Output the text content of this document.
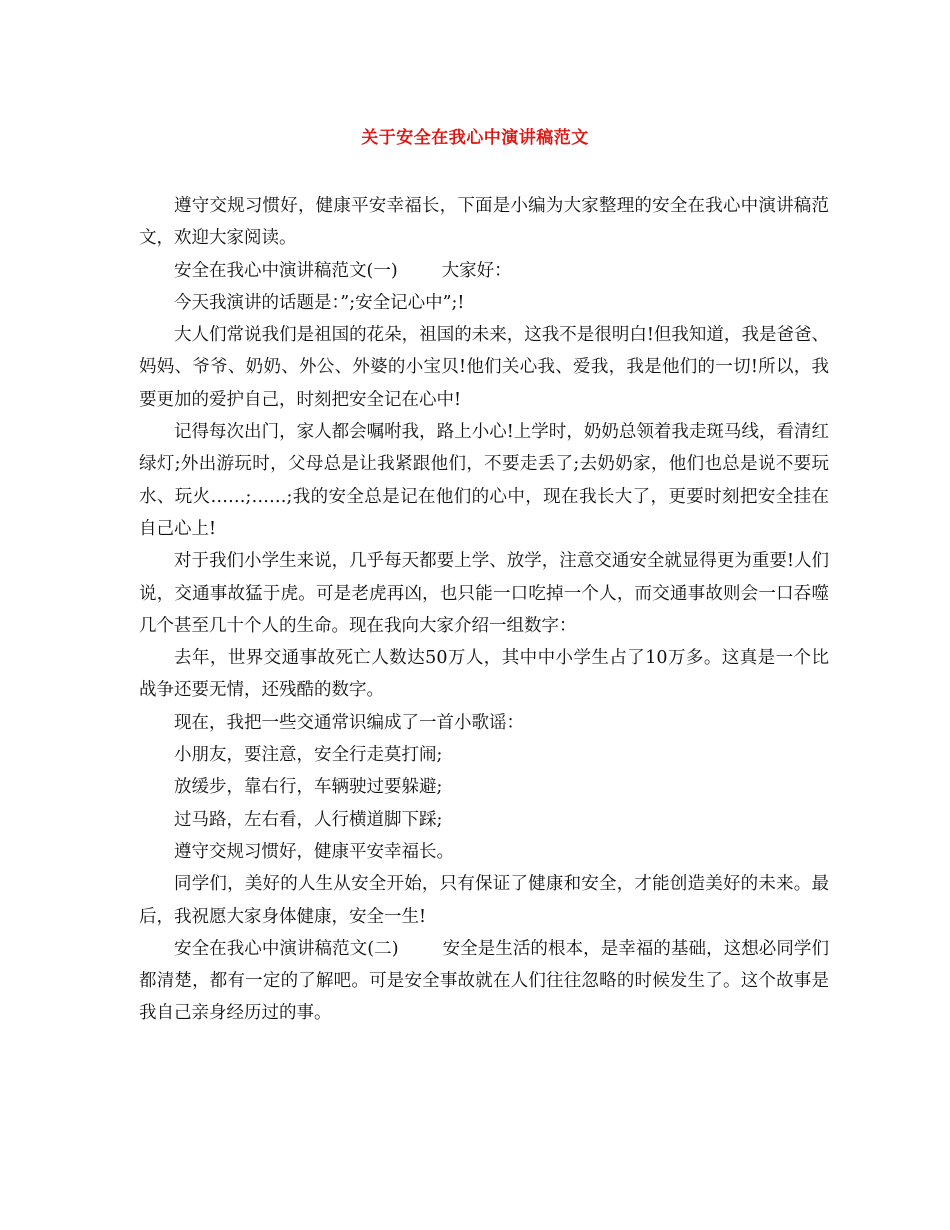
关于安全在我心中演讲稿范文

遵守交规习惯好，健康平安幸福长，下面是小编为大家整理的安全在我心中演讲稿范文，欢迎大家阅读。

安全在我心中演讲稿范文(一)	大家好：

今天我演讲的话题是：”;安全记心中”;!

大人们常说我们是祖国的花朵，祖国的未来，这我不是很明白!但我知道，我是爸爸、妈妈、爷爷、奶奶、外公、外婆的小宝贝!他们关心我、爱我，我是他们的一切!所以，我要更加的爱护自己，时刻把安全记在心中!

记得每次出门，家人都会嘱咐我，路上小心!上学时，奶奶总领着我走斑马线，看清红绿灯;外出游玩时，父母总是让我紧跟他们，不要走丢了;去奶奶家，他们也总是说不要玩水、玩火……;……;我的安全总是记在他们的心中，现在我长大了，更要时刻把安全挂在自己心上!

对于我们小学生来说，几乎每天都要上学、放学，注意交通安全就显得更为重要!人们说，交通事故猛于虎。可是老虎再凶，也只能一口吃掉一个人，而交通事故则会一口吞噬几个甚至几十个人的生命。现在我向大家介绍一组数字：

去年，世界交通事故死亡人数达50万人，其中中小学生占了10万多。这真是一个比战争还要无情，还残酷的数字。

现在，我把一些交通常识编成了一首小歌谣：

小朋友，要注意，安全行走莫打闹;

放缓步，靠右行，车辆驶过要躲避;

过马路，左右看，人行横道脚下踩;

遵守交规习惯好，健康平安幸福长。

同学们，美好的人生从安全开始，只有保证了健康和安全，才能创造美好的未来。最后，我祝愿大家身体健康，安全一生!

安全在我心中演讲稿范文(二)	安全是生活的根本，是幸福的基础，这想必同学们都清楚，都有一定的了解吧。可是安全事故就在人们往往忽略的时候发生了。这个故事是我自己亲身经历过的事。
